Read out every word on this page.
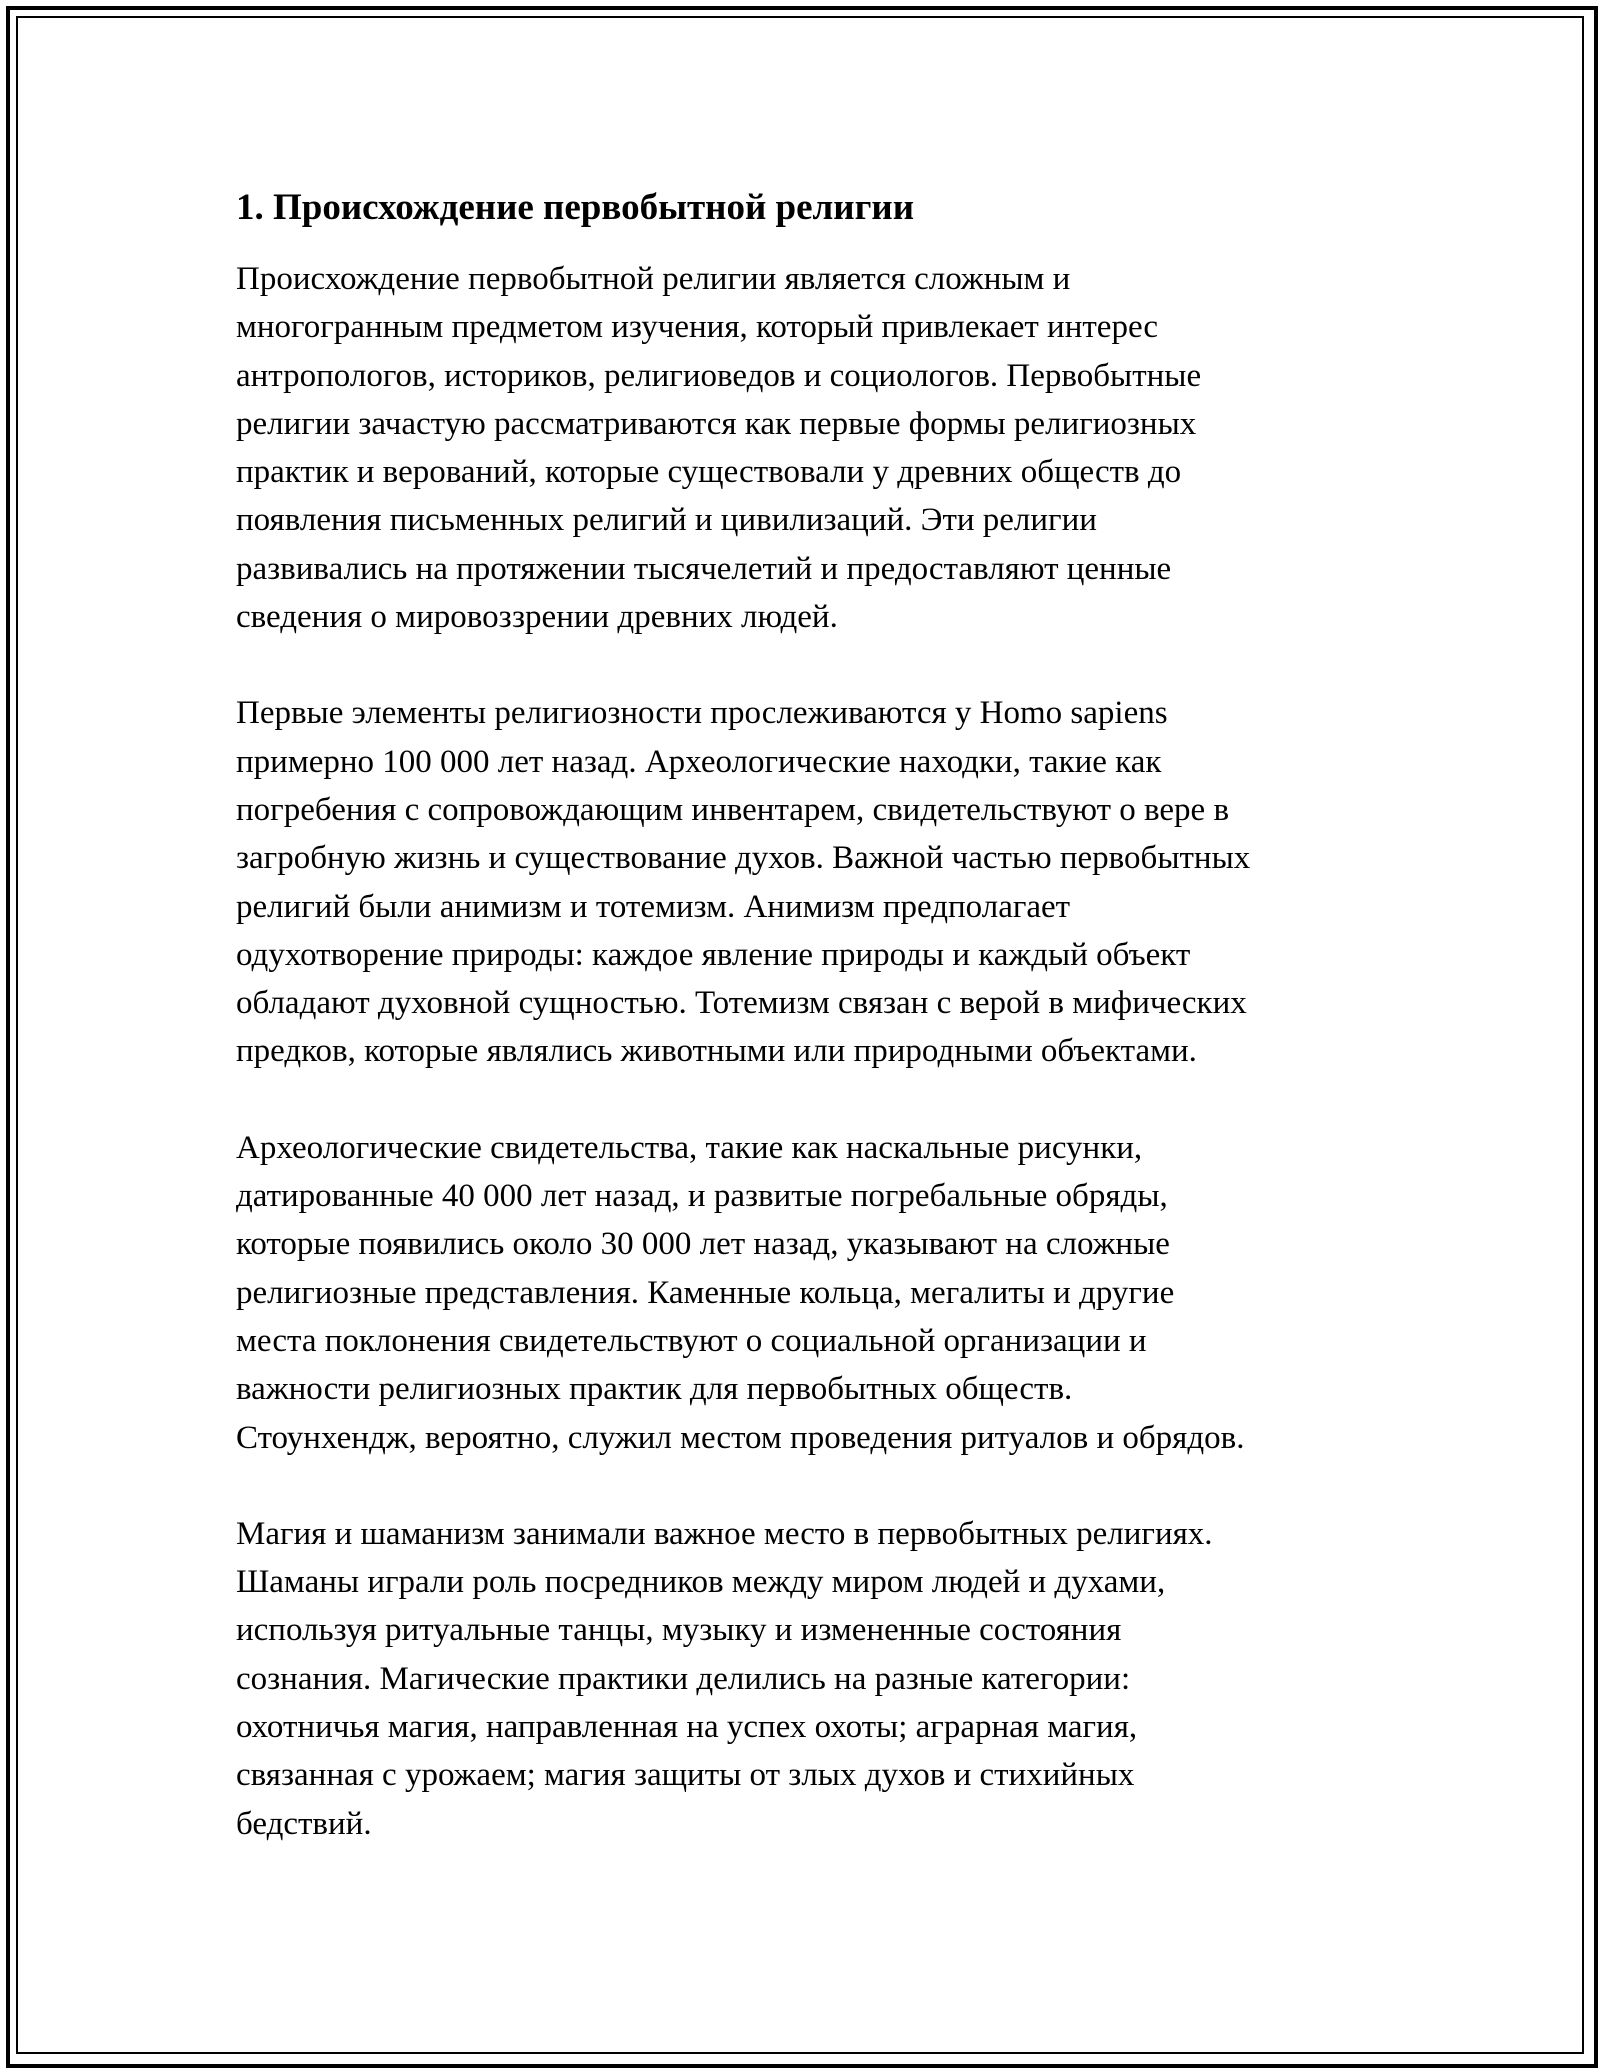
1. Происхождение первобытной религии
Происхождение первобытной религии является сложным и
многогранным предметом изучения, который привлекает интерес
антропологов, историков, религиоведов и социологов. Первобытные
религии зачастую рассматриваются как первые формы религиозных
практик и верований, которые существовали у древних обществ до
появления письменных религий и цивилизаций. Эти религии
развивались на протяжении тысячелетий и предоставляют ценные
сведения о мировоззрении древних людей.
Первые элементы религиозности прослеживаются у Homo sapiens
примерно 100 000 лет назад. Археологические находки, такие как
погребения с сопровождающим инвентарем, свидетельствуют о вере в
загробную жизнь и существование духов. Важной частью первобытных
религий были анимизм и тотемизм. Анимизм предполагает
одухотворение природы: каждое явление природы и каждый объект
обладают духовной сущностью. Тотемизм связан с верой в мифических
предков, которые являлись животными или природными объектами.
Археологические свидетельства, такие как наскальные рисунки,
датированные 40 000 лет назад, и развитые погребальные обряды,
которые появились около 30 000 лет назад, указывают на сложные
религиозные представления. Каменные кольца, мегалиты и другие
места поклонения свидетельствуют о социальной организации и
важности религиозных практик для первобытных обществ.
Стоунхендж, вероятно, служил местом проведения ритуалов и обрядов.
Магия и шаманизм занимали важное место в первобытных религиях.
Шаманы играли роль посредников между миром людей и духами,
используя ритуальные танцы, музыку и измененные состояния
сознания. Магические практики делились на разные категории:
охотничья магия, направленная на успех охоты; аграрная магия,
связанная с урожаем; магия защиты от злых духов и стихийных
бедствий.
